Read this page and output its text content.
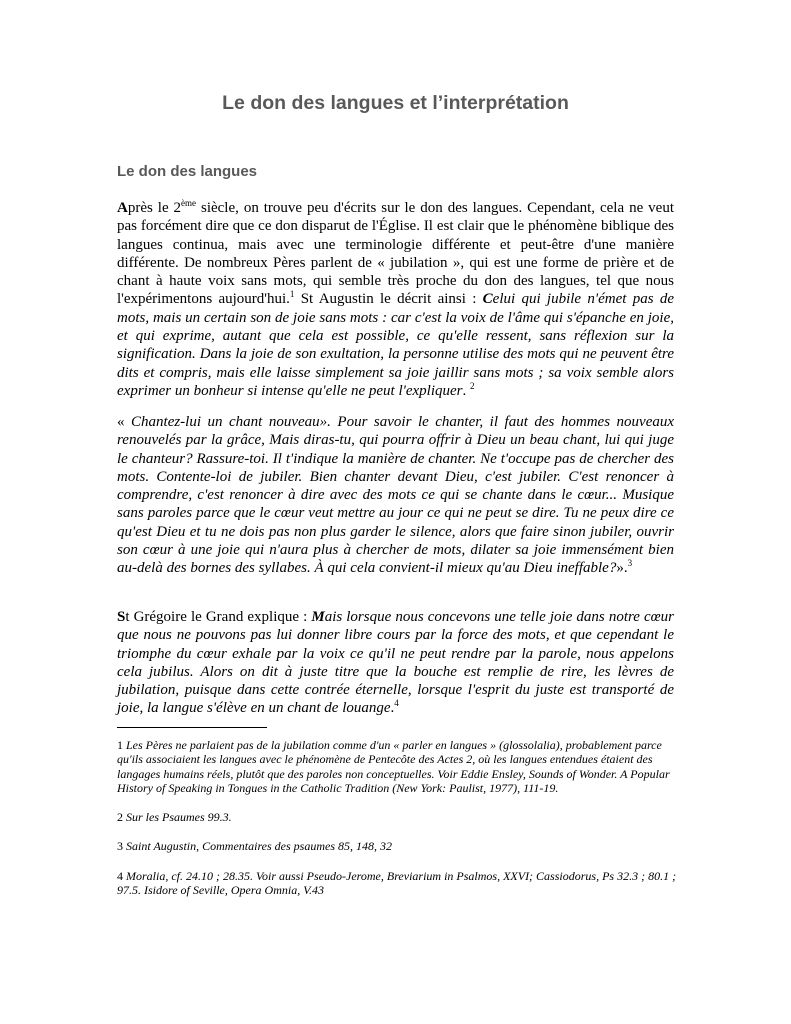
Le don des langues et l’interprétation
Le don des langues

Après le 2ème siècle, on trouve peu d'écrits sur le don des langues. Cependant, cela ne veut pas forcément dire que ce don disparut de l'Église. Il est clair que le phénomène biblique des langues continua, mais avec une terminologie différente et peut-être d'une manière différente. De nombreux Pères parlent de « jubilation », qui est une forme de prière et de chant à haute voix sans mots, qui semble très proche du don des langues, tel que nous l'expérimentons aujourd'hui.$^1$ St Augustin le décrit ainsi : Celui qui jubile n'émet pas de mots, mais un certain son de joie sans mots : car c'est la voix de l'âme qui s'épanche en joie, et qui exprime, autant que cela est possible, ce qu'elle ressent, sans réflexion sur la signification. Dans la joie de son exultation, la personne utilise des mots qui ne peuvent être dits et compris, mais elle laisse simplement sa joie jaillir sans mots ; sa voix semble alors exprimer un bonheur si intense qu'elle ne peut l'expliquer. $^2$

« Chantez-lui un chant nouveau». Pour savoir le chanter, il faut des hommes nouveaux renouvelés par la grâce, Mais diras-tu, qui pourra offrir à Dieu un beau chant, lui qui juge le chanteur? Rassure-toi. Il t'indique la manière de chanter. Ne t'occupe pas de chercher des mots. Contente-loi de jubiler. Bien chanter devant Dieu, c'est jubiler. C'est renoncer à comprendre, c'est renoncer à dire avec des mots ce qui se chante dans le cœur... Musique sans paroles parce que le cœur veut mettre au jour ce qui ne peut se dire. Tu ne peux dire ce qu'est Dieu et tu ne dois pas non plus garder le silence, alors que faire sinon jubiler, ouvrir son cœur à une joie qui n'aura plus à chercher de mots, dilater sa joie immensément bien au-delà des bornes des syllabes. À qui cela convient-il mieux qu'au Dieu ineffable?».$^3$

St Grégoire le Grand explique : Mais lorsque nous concevons une telle joie dans notre cœur que nous ne pouvons pas lui donner libre cours par la force des mots, et que cependant le triomphe du cœur exhale par la voix ce qu'il ne peut rendre par la parole, nous appelons cela jubilus. Alors on dit à juste titre que la bouche est remplie de rire, les lèvres de jubilation, puisque dans cette contrée éternelle, lorsque l'esprit du juste est transporté de joie, la langue s'élève en un chant de louange.$^4$

1 Les Pères ne parlaient pas de la jubilation comme d'un « parler en langues » (glossolalia), probablement parce qu'ils associaient les langues avec le phénomène de Pentecôte des Actes 2, où les langues entendues étaient des langages humains réels, plutôt que des paroles non conceptuelles. Voir Eddie Ensley, Sounds of Wonder. A Popular History of Speaking in Tongues in the Catholic Tradition (New York: Paulist, 1977), 111-19.

2 Sur les Psaumes 99.3.

3 Saint Augustin, Commentaires des psaumes 85, 148, 32

4 Moralia, cf. 24.10 ; 28.35. Voir aussi Pseudo-Jerome, Breviarium in Psalmos, XXVI; Cassiodorus, Ps 32.3 ; 80.1 ; 97.5. Isidore of Seville, Opera Omnia, V.43
